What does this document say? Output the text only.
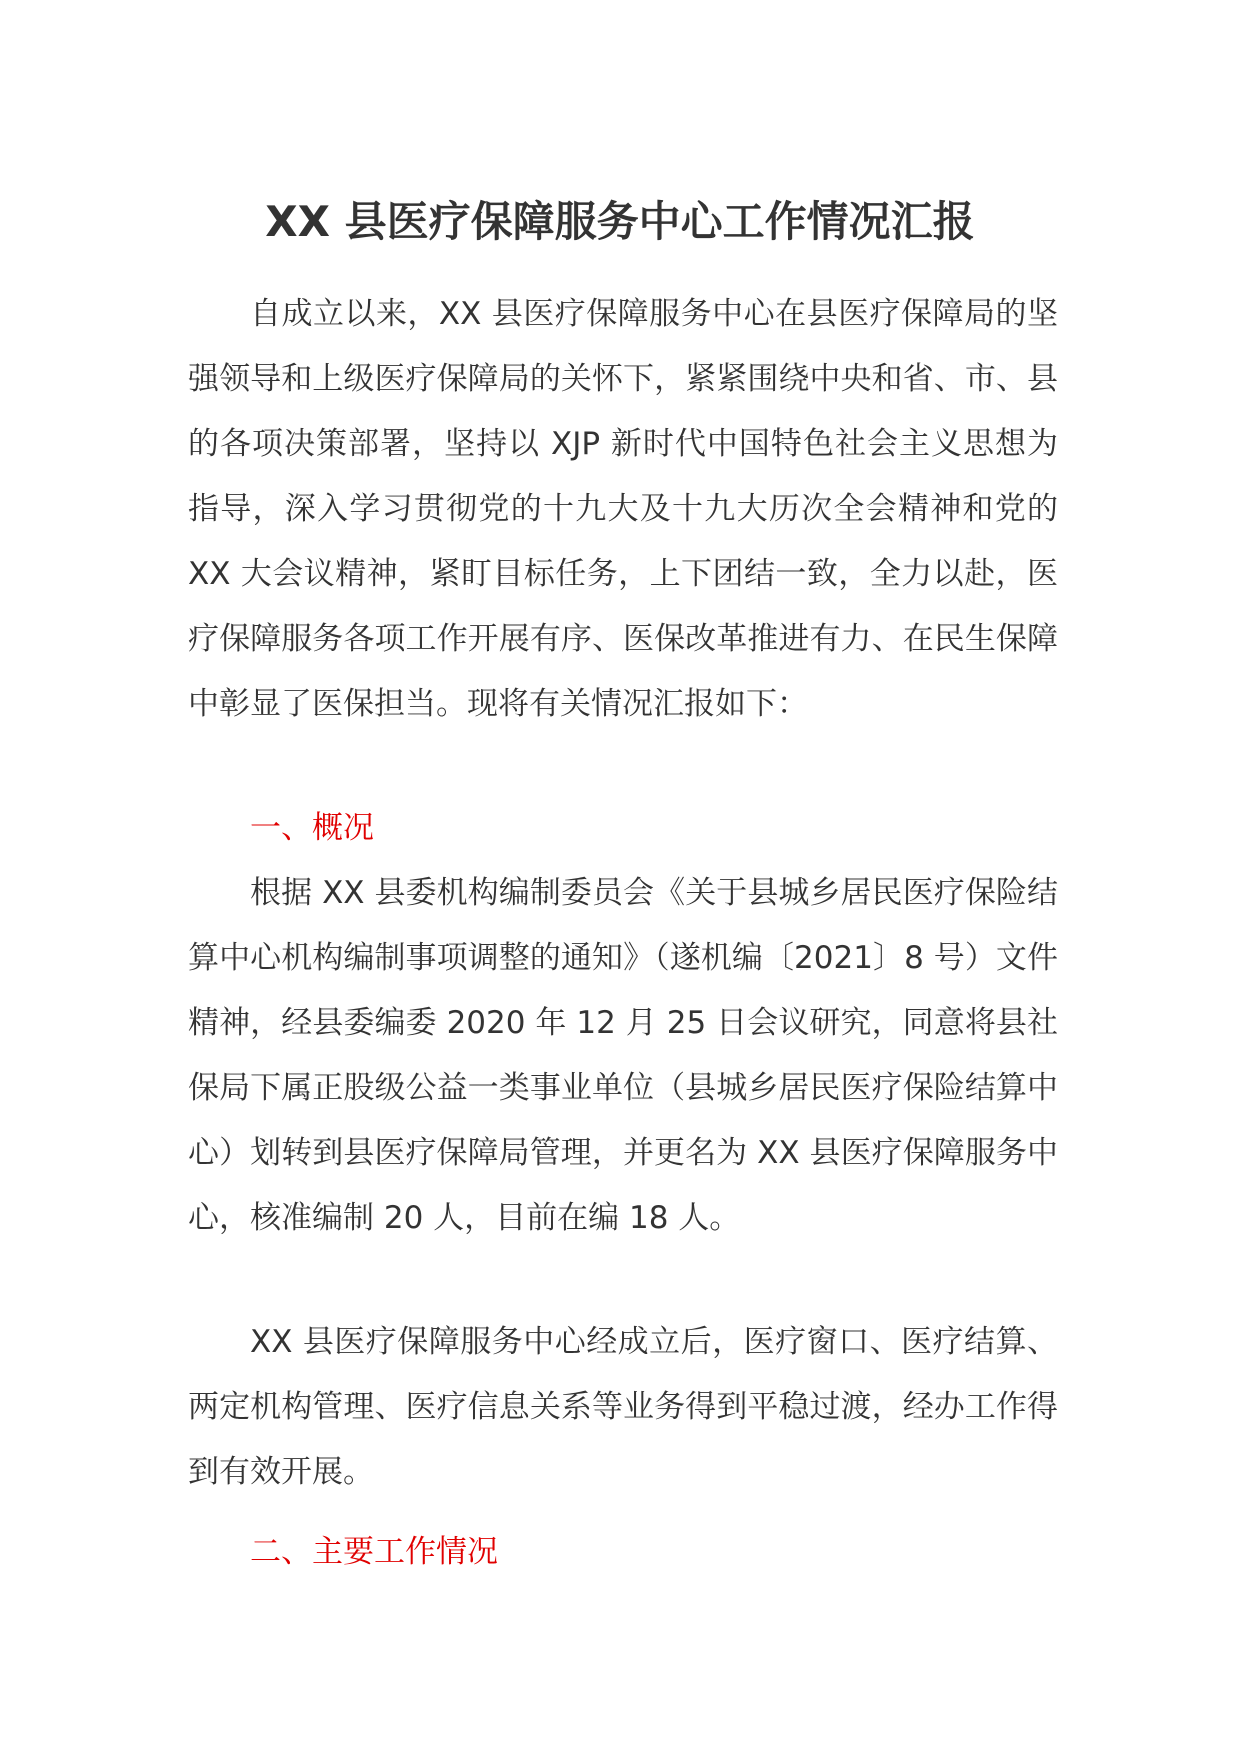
XX 县医疗保障服务中心工作情况汇报
自成立以来，XX 县医疗保障服务中心在县医疗保障局的坚强领导和上级医疗保障局的关怀下，紧紧围绕中央和省、市、县的各项决策部署，坚持以 XJP 新时代中国特色社会主义思想为指导，深入学习贯彻党的十九大及十九大历次全会精神和党的 XX 大会议精神，紧盯目标任务，上下团结一致，全力以赴，医疗保障服务各项工作开展有序、医保改革推进有力、在民生保障中彰显了医保担当。现将有关情况汇报如下：
一、概况
根据 XX 县委机构编制委员会《关于县城乡居民医疗保险结算中心机构编制事项调整的通知》（遂机编〔2021〕8 号）文件精神，经县委编委 2020 年 12 月 25 日会议研究，同意将县社保局下属正股级公益一类事业单位（县城乡居民医疗保险结算中心）划转到县医疗保障局管理，并更名为 XX 县医疗保障服务中心，核准编制 20 人，目前在编 18 人。
XX 县医疗保障服务中心经成立后，医疗窗口、医疗结算、两定机构管理、医疗信息关系等业务得到平稳过渡，经办工作得到有效开展。
二、主要工作情况
